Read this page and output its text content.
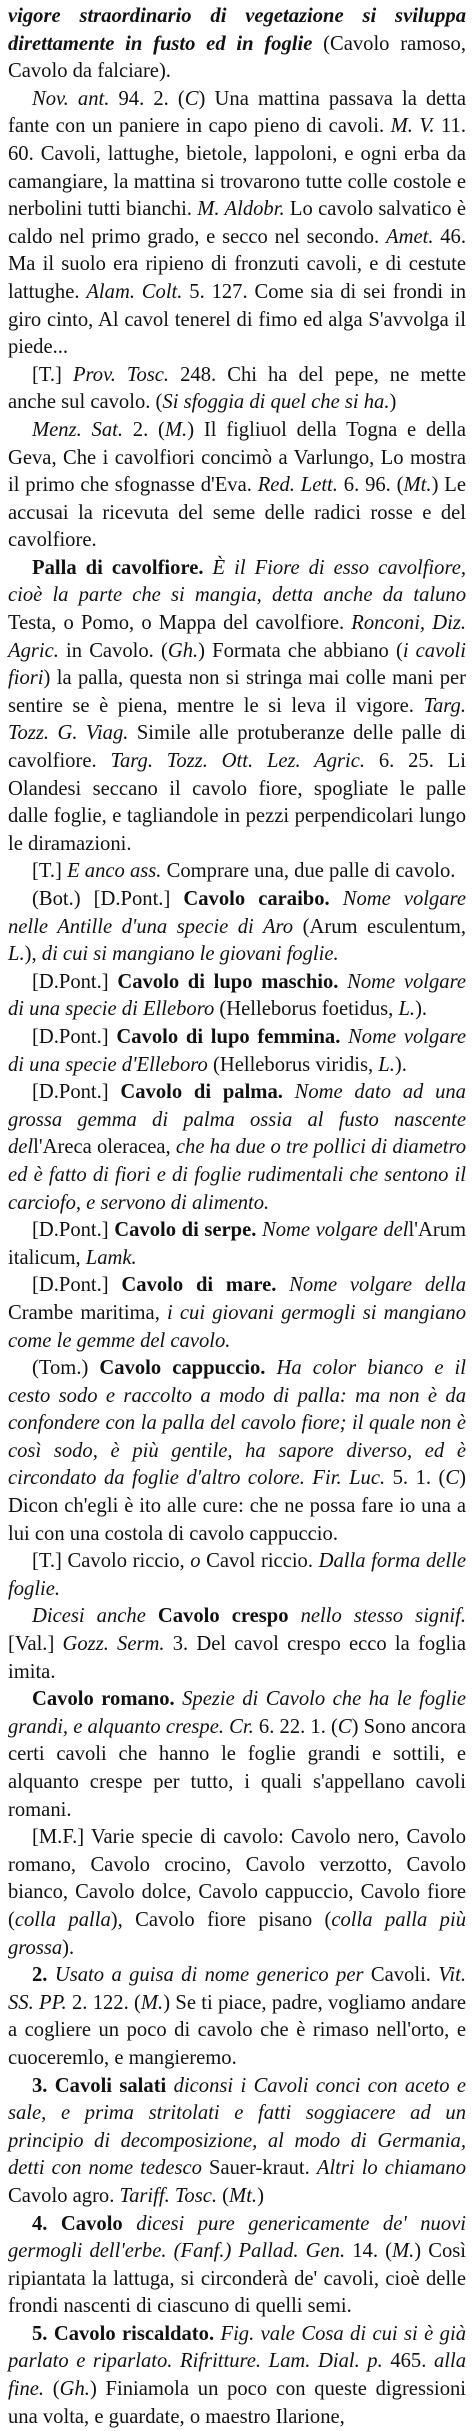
vigore straordinario di vegetazione si sviluppa direttamente in fusto ed in foglie (Cavolo ramoso, Cavolo da falciare).

Nov. ant. 94. 2. (C) Una mattina passava la detta fante con un paniere in capo pieno di cavoli. M. V. 11. 60. Cavoli, lattughe, bietole, lappoloni, e ogni erba da camangiare, la mattina si trovarono tutte colle costole e nerbolini tutti bianchi. M. Aldobr. Lo cavolo salvatico è caldo nel primo grado, e secco nel secondo. Amet. 46. Ma il suolo era ripieno di fronzuti cavoli, e di cestute lattughe. Alam. Colt. 5. 127. Come sia di sei frondi in giro cinto, Al cavol tenerel di fimo ed alga S'avvolga il piede...

[T.] Prov. Tosc. 248. Chi ha del pepe, ne mette anche sul cavolo. (Si sfoggia di quel che si ha.)

Menz. Sat. 2. (M.) Il figliuol della Togna e della Geva, Che i cavolfiori concimò a Varlungo, Lo mostra il primo che sfognasse d'Eva. Red. Lett. 6. 96. (Mt.) Le accusai la ricevuta del seme delle radici rosse e del cavolfiore.

Palla di cavolfiore. È il Fiore di esso cavolfiore, cioè la parte che si mangia, detta anche da taluno Testa, o Pomo, o Mappa del cavolfiore. Ronconi, Diz. Agric. in Cavolo. (Gh.) Formata che abbiano (i cavoli fiori) la palla, questa non si stringa mai colle mani per sentire se è piena, mentre le si leva il vigore. Targ. Tozz. G. Viag. Simile alle protuberanze delle palle di cavolfiore. Targ. Tozz. Ott. Lez. Agric. 6. 25. Li Olandesi seccano il cavolo fiore, spogliate le palle dalle foglie, e tagliandole in pezzi perpendicolari lungo le diramazioni.

[T.] E anco ass. Comprare una, due palle di cavolo.

(Bot.) [D.Pont.] Cavolo caraibo. Nome volgare nelle Antille d'una specie di Aro (Arum esculentum, L.), di cui si mangiano le giovani foglie.

[D.Pont.] Cavolo di lupo maschio. Nome volgare di una specie di Elleboro (Helleborus foetidus, L.).

[D.Pont.] Cavolo di lupo femmina. Nome volgare di una specie d'Elleboro (Helleborus viridis, L.).

[D.Pont.] Cavolo di palma. Nome dato ad una grossa gemma di palma ossia al fusto nascente dell'Areca oleracea, che ha due o tre pollici di diametro ed è fatto di fiori e di foglie rudimentali che sentono il carciofo, e servono di alimento.

[D.Pont.] Cavolo di serpe. Nome volgare dell'Arum italicum, Lamk.

[D.Pont.] Cavolo di mare. Nome volgare della Crambe maritima, i cui giovani germogli si mangiano come le gemme del cavolo.

(Tom.) Cavolo cappuccio. Ha color bianco e il cesto sodo e raccolto a modo di palla: ma non è da confondere con la palla del cavolo fiore; il quale non è così sodo, è più gentile, ha sapore diverso, ed è circondato da foglie d'altro colore. Fir. Luc. 5. 1. (C) Dicon ch'egli è ito alle cure: che ne possa fare io una a lui con una costola di cavolo cappuccio.

[T.] Cavolo riccio, o Cavol riccio. Dalla forma delle foglie.

Dicesi anche Cavolo crespo nello stesso signif. [Val.] Gozz. Serm. 3. Del cavol crespo ecco la foglia imita.

Cavolo romano. Spezie di Cavolo che ha le foglie grandi, e alquanto crespe. Cr. 6. 22. 1. (C) Sono ancora certi cavoli che hanno le foglie grandi e sottili, e alquanto crespe per tutto, i quali s'appellano cavoli romani.

[M.F.] Varie specie di cavolo: Cavolo nero, Cavolo romano, Cavolo crocino, Cavolo verzotto, Cavolo bianco, Cavolo dolce, Cavolo cappuccio, Cavolo fiore (colla palla), Cavolo fiore pisano (colla palla più grossa).

2. Usato a guisa di nome generico per Cavoli. Vit. SS. PP. 2. 122. (M.) Se ti piace, padre, vogliamo andare a cogliere un poco di cavolo che è rimaso nell'orto, e cuoceremlo, e mangieremo.

3. Cavoli salati diconsi i Cavoli conci con aceto e sale, e prima stritolati e fatti soggiacere ad un principio di decomposizione, al modo di Germania, detti con nome tedesco Sauer-kraut. Altri lo chiamano Cavolo agro. Tariff. Tosc. (Mt.)

4. Cavolo dicesi pure genericamente de' nuovi germogli dell'erbe. (Fanf.) Pallad. Gen. 14. (M.) Così ripiantata la lattuga, si circonderà de' cavoli, cioè delle frondi nascenti di ciascuno di quelli semi.

5. Cavolo riscaldato. Fig. vale Cosa di cui si è già parlato e riparlato. Rifritture. Lam. Dial. p. 465. alla fine. (Gh.) Finiamola un poco con queste digressioni una volta, e guardate, o maestro Ilarione,
